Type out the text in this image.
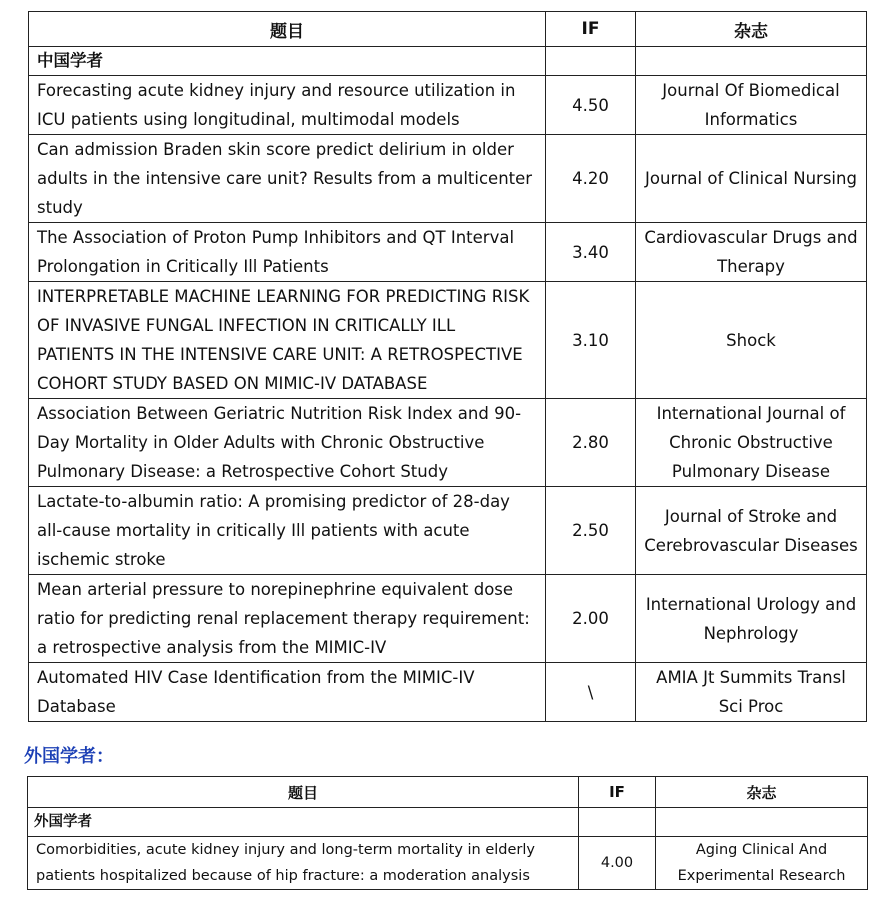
题目	IF	杂志
中国学者		
Forecasting acute kidney injury and resource utilization in ICU patients using longitudinal, multimodal models	4.50	Journal Of Biomedical Informatics
Can admission Braden skin score predict delirium in older adults in the intensive care unit? Results from a multicenter study	4.20	Journal of Clinical Nursing
The Association of Proton Pump Inhibitors and QT Interval Prolongation in Critically Ill Patients	3.40	Cardiovascular Drugs and Therapy
INTERPRETABLE MACHINE LEARNING FOR PREDICTING RISK OF INVASIVE FUNGAL INFECTION IN CRITICALLY ILL PATIENTS IN THE INTENSIVE CARE UNIT: A RETROSPECTIVE COHORT STUDY BASED ON MIMIC-IV DATABASE	3.10	Shock
Association Between Geriatric Nutrition Risk Index and 90-Day Mortality in Older Adults with Chronic Obstructive Pulmonary Disease: a Retrospective Cohort Study	2.80	International Journal of Chronic Obstructive Pulmonary Disease
Lactate-to-albumin ratio: A promising predictor of 28-day all-cause mortality in critically Ill patients with acute ischemic stroke	2.50	Journal of Stroke and Cerebrovascular Diseases
Mean arterial pressure to norepinephrine equivalent dose ratio for predicting renal replacement therapy requirement: a retrospective analysis from the MIMIC-IV	2.00	International Urology and Nephrology
Automated HIV Case Identification from the MIMIC-IV Database	\	AMIA Jt Summits Transl Sci Proc
外国学者：
题目	IF	杂志
外国学者		
Comorbidities, acute kidney injury and long-term mortality in elderly patients hospitalized because of hip fracture: a moderation analysis	4.00	Aging Clinical And Experimental Research
